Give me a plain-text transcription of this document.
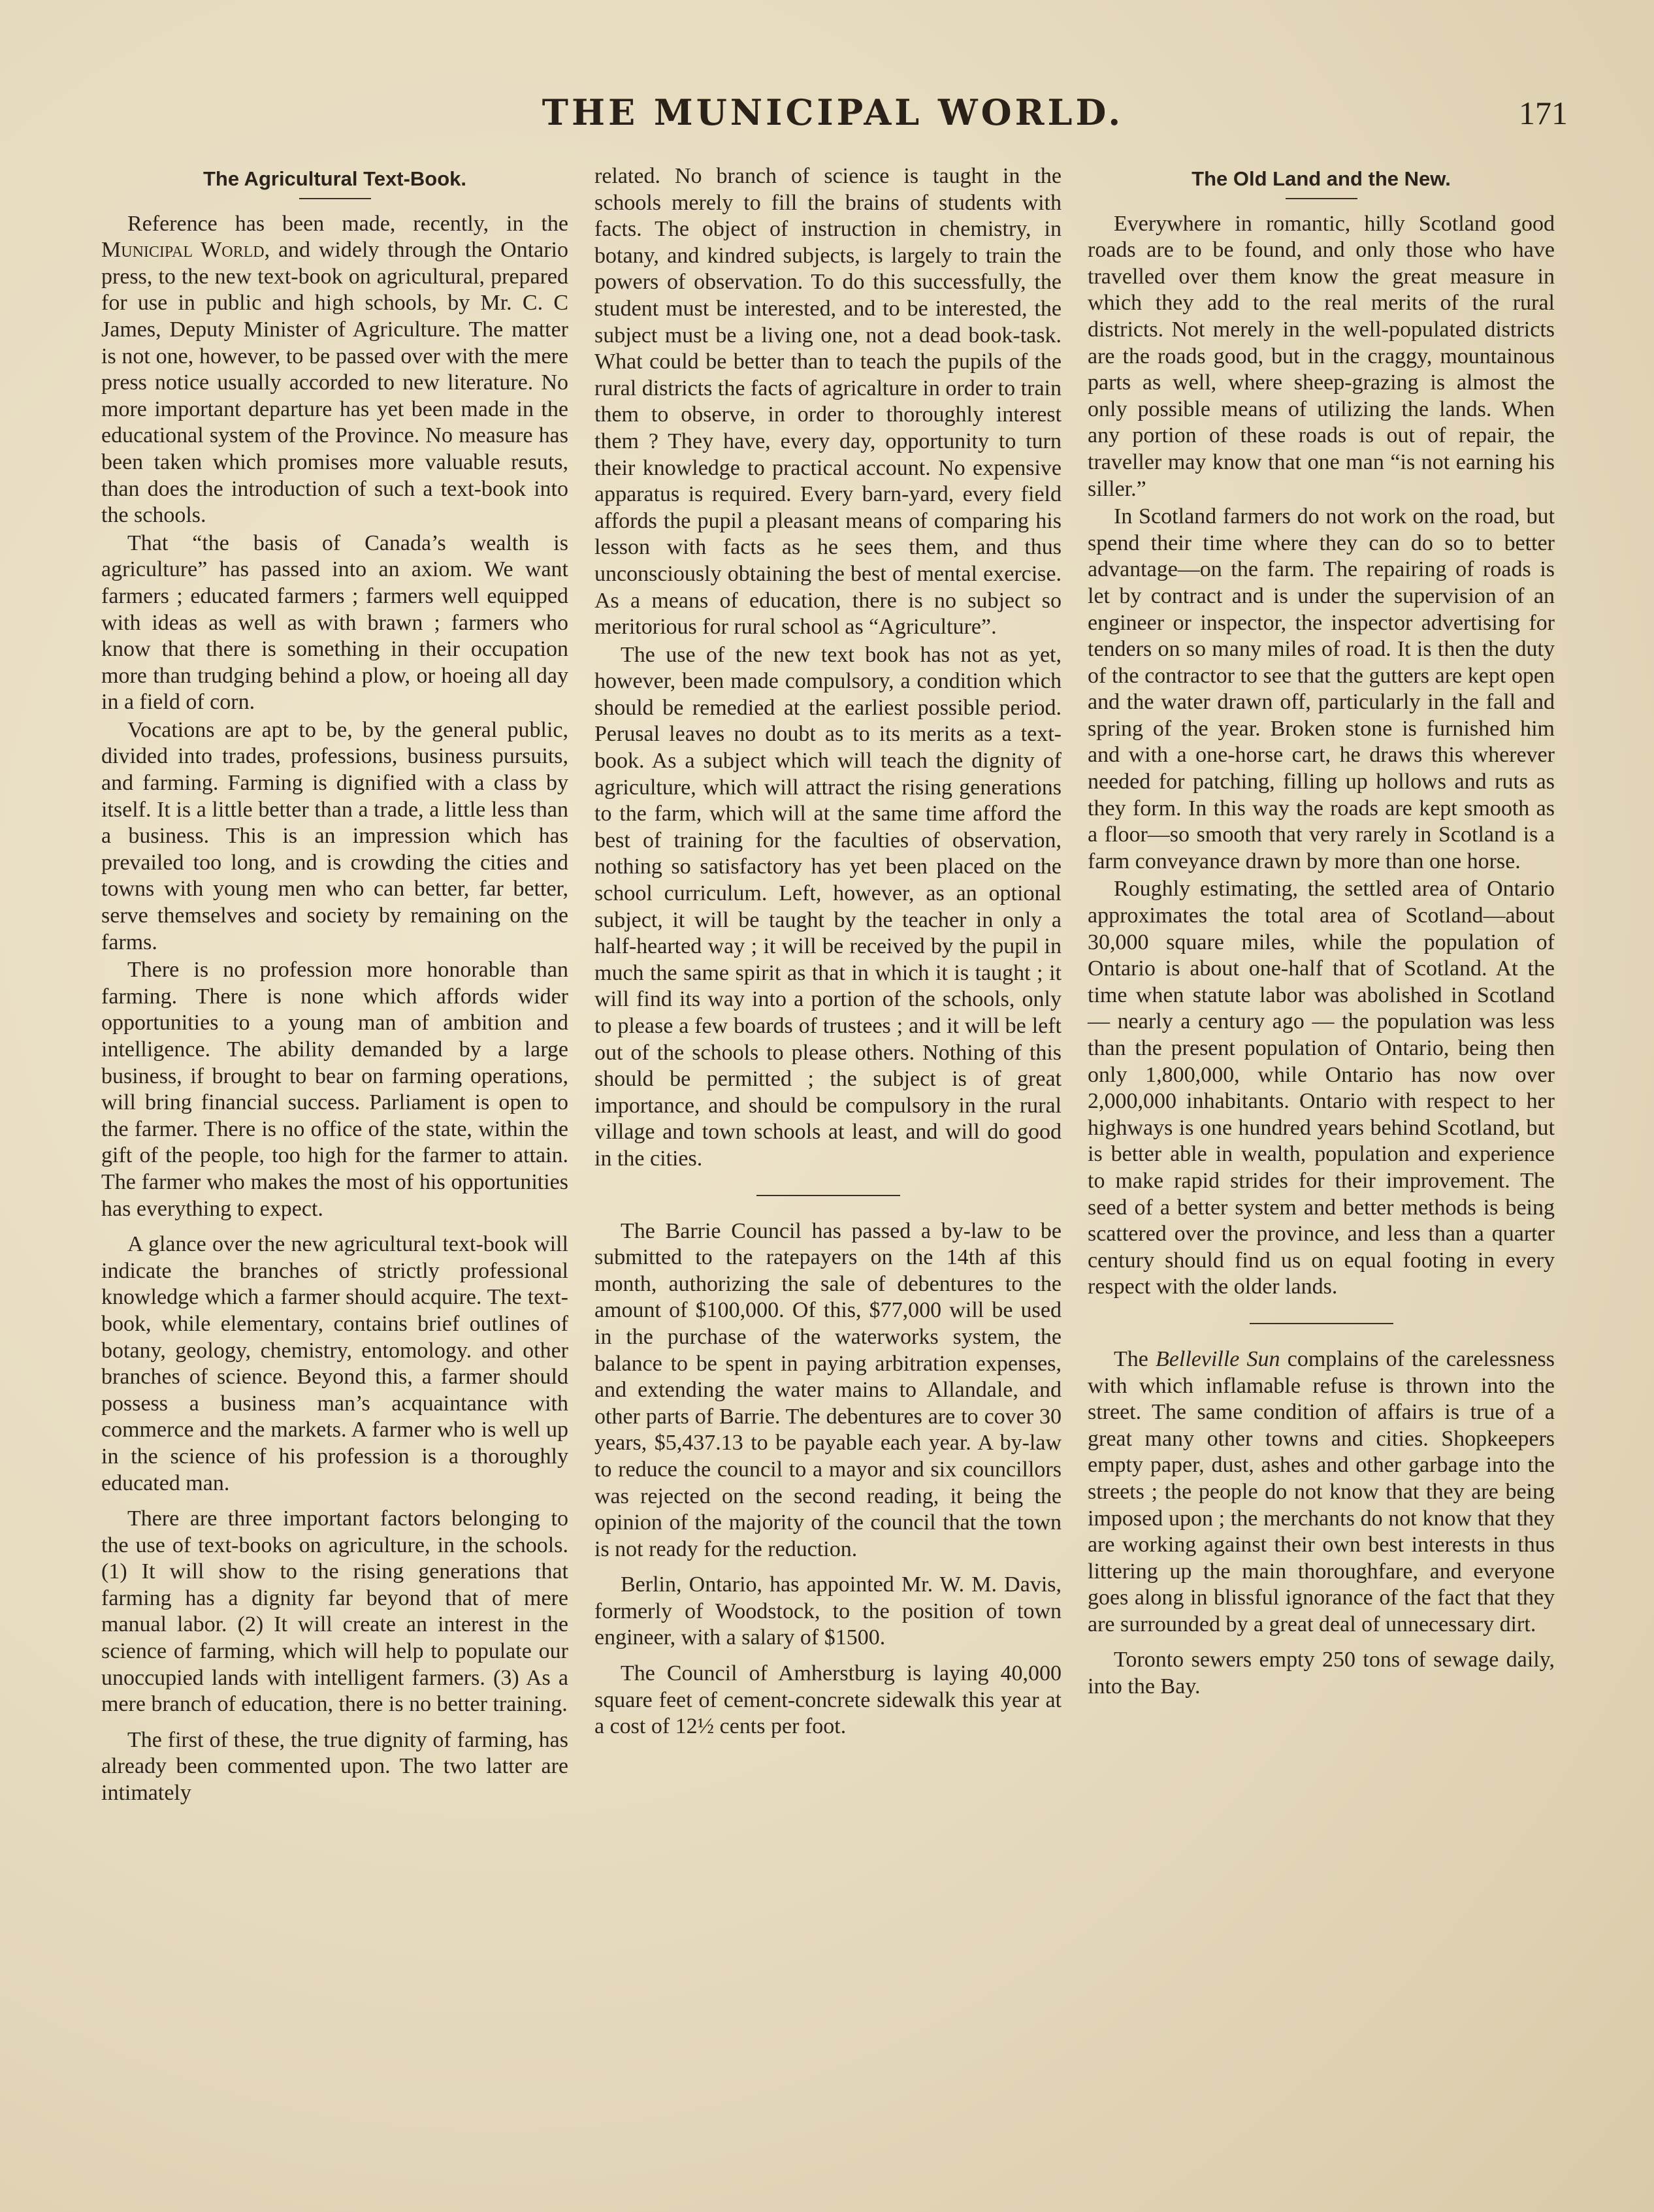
THE MUNICIPAL WORLD.	171
The Agricultural Text-Book.

Reference has been made, recently, in the Municipal World, and widely through the Ontario press, to the new text-book on agricultural, prepared for use in public and high schools, by Mr. C. C James, Deputy Minister of Agriculture. The matter is not one, however, to be passed over with the mere press notice usually accorded to new literature. No more important departure has yet been made in the educational system of the Province. No measure has been taken which promises more valuable resuts, than does the introduction of such a text-book into the schools.

That “the basis of Canada’s wealth is agriculture” has passed into an axiom. We want farmers ; educated farmers ; farmers well equipped with ideas as well as with brawn ; farmers who know that there is something in their occupation more than trudging behind a plow, or hoeing all day in a field of corn.

Vocations are apt to be, by the general public, divided into trades, professions, business pursuits, and farming. Farming is dignified with a class by itself. It is a little better than a trade, a little less than a business. This is an impression which has prevailed too long, and is crowding the cities and towns with young men who can better, far better, serve themselves and society by remaining on the farms.

There is no profession more honorable than farming. There is none which affords wider opportunities to a young man of ambition and intelligence. The ability demanded by a large business, if brought to bear on farming operations, will bring financial success. Parliament is open to the farmer. There is no office of the state, within the gift of the people, too high for the farmer to attain. The farmer who makes the most of his opportunities has everything to expect.

A glance over the new agricultural text-book will indicate the branches of strictly professional knowledge which a farmer should acquire. The text-book, while elementary, contains brief outlines of botany, geology, chemistry, entomology. and other branches of science. Beyond this, a farmer should possess a business man’s acquaintance with commerce and the markets. A farmer who is well up in the science of his profession is a thoroughly educated man.

There are three important factors belonging to the use of text-books on agriculture, in the schools. (1) It will show to the rising generations that farming has a dignity far beyond that of mere manual labor. (2) It will create an interest in the science of farming, which will help to populate our unoccupied lands with intelligent farmers. (3) As a mere branch of education, there is no better training.

The first of these, the true dignity of farming, has already been commented upon. The two latter are intimately

related. No branch of science is taught in the schools merely to fill the brains of students with facts. The object of instruction in chemistry, in botany, and kindred subjects, is largely to train the powers of observation. To do this successfully, the student must be interested, and to be interested, the subject must be a living one, not a dead book-task. What could be better than to teach the pupils of the rural districts the facts of agricalture in order to train them to observe, in order to thoroughly interest them ? They have, every day, opportunity to turn their knowledge to practical account. No expensive apparatus is required. Every barn-yard, every field affords the pupil a pleasant means of comparing his lesson with facts as he sees them, and thus unconsciously obtaining the best of mental exercise. As a means of education, there is no subject so meritorious for rural school as “Agriculture”.

The use of the new text book has not as yet, however, been made compulsory, a condition which should be remedied at the earliest possible period. Perusal leaves no doubt as to its merits as a text-book. As a subject which will teach the dignity of agriculture, which will attract the rising generations to the farm, which will at the same time afford the best of training for the faculties of observation, nothing so satisfactory has yet been placed on the school curriculum. Left, however, as an optional subject, it will be taught by the teacher in only a half-hearted way ; it will be received by the pupil in much the same spirit as that in which it is taught ; it will find its way into a portion of the schools, only to please a few boards of trustees ; and it will be left out of the schools to please others. Nothing of this should be permitted ; the subject is of great importance, and should be compulsory in the rural village and town schools at least, and will do good in the cities.

The Barrie Council has passed a by-law to be submitted to the ratepayers on the 14th af this month, authorizing the sale of debentures to the amount of $100,000. Of this, $77,000 will be used in the purchase of the waterworks system, the balance to be spent in paying arbitration expenses, and extending the water mains to Allandale, and other parts of Barrie. The debentures are to cover 30 years, $5,437.13 to be payable each year. A by-law to reduce the council to a mayor and six councillors was rejected on the second reading, it being the opinion of the majority of the council that the town is not ready for the reduction.

Berlin, Ontario, has appointed Mr. W. M. Davis, formerly of Woodstock, to the position of town engineer, with a salary of $1500.

The Council of Amherstburg is laying 40,000 square feet of cement-concrete sidewalk this year at a cost of 12½ cents per foot.

The Old Land and the New.

Everywhere in romantic, hilly Scotland good roads are to be found, and only those who have travelled over them know the great measure in which they add to the real merits of the rural districts. Not merely in the well-populated districts are the roads good, but in the craggy, mountainous parts as well, where sheep-grazing is almost the only possible means of utilizing the lands. When any portion of these roads is out of repair, the traveller may know that one man “is not earning his siller.”

In Scotland farmers do not work on the road, but spend their time where they can do so to better advantage—on the farm. The repairing of roads is let by contract and is under the supervision of an engineer or inspector, the inspector advertising for tenders on so many miles of road. It is then the duty of the contractor to see that the gutters are kept open and the water drawn off, particularly in the fall and spring of the year. Broken stone is furnished him and with a one-horse cart, he draws this wherever needed for patching, filling up hollows and ruts as they form. In this way the roads are kept smooth as a floor—so smooth that very rarely in Scotland is a farm conveyance drawn by more than one horse.

Roughly estimating, the settled area of Ontario approximates the total area of Scotland—about 30,000 square miles, while the population of Ontario is about one-half that of Scotland. At the time when statute labor was abolished in Scotland — nearly a century ago — the population was less than the present population of Ontario, being then only 1,800,000, while Ontario has now over 2,000,000 inhabitants. Ontario with respect to her highways is one hundred years behind Scotland, but is better able in wealth, population and experience to make rapid strides for their improvement. The seed of a better system and better methods is being scattered over the province, and less than a quarter century should find us on equal footing in every respect with the older lands.

The Belleville Sun complains of the carelessness with which inflamable refuse is thrown into the street. The same condition of affairs is true of a great many other towns and cities. Shopkeepers empty paper, dust, ashes and other garbage into the streets ; the people do not know that they are being imposed upon ; the merchants do not know that they are working against their own best interests in thus littering up the main thoroughfare, and everyone goes along in blissful ignorance of the fact that they are surrounded by a great deal of unnecessary dirt.

Toronto sewers empty 250 tons of sewage daily, into the Bay.
